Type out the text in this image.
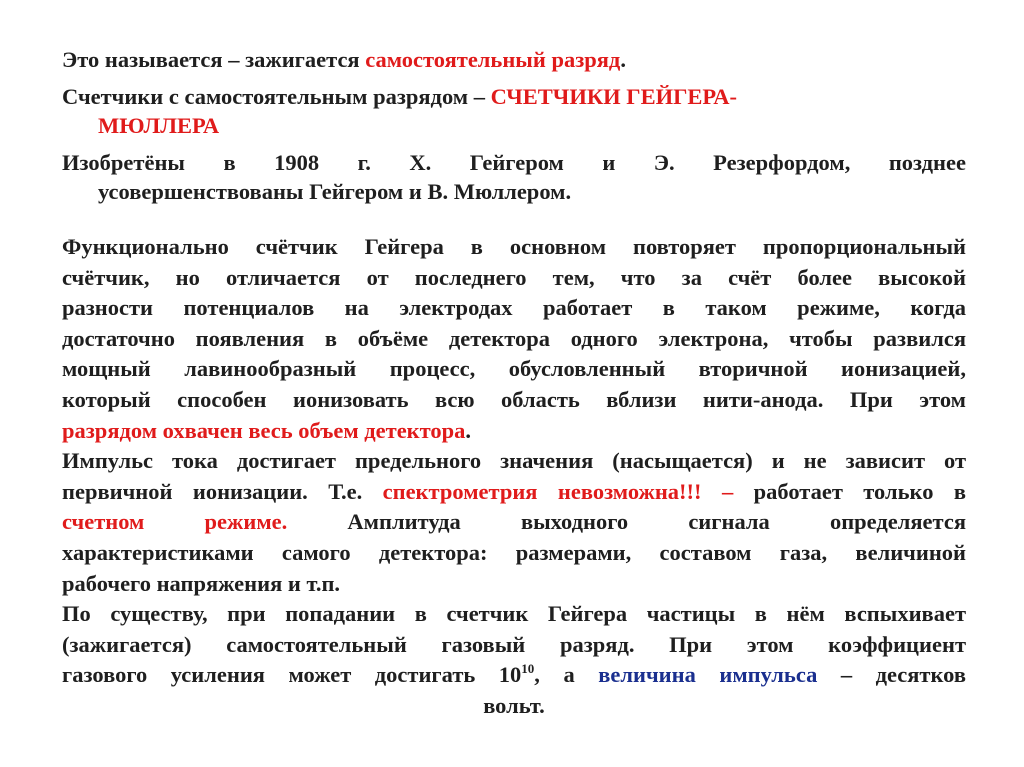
Это называется – зажигается самостоятельный разряд.
Счетчики с самостоятельным разрядом – СЧЕТЧИКИ ГЕЙГЕРА-
МЮЛЛЕРА
Изобретёны в 1908 г. Х. Гейгером и Э. Резерфордом, позднее
усовершенствованы Гейгером и В. Мюллером.
Функционально счётчик Гейгера в основном повторяет пропорциональный
счётчик, но отличается от последнего тем, что за счёт более высокой
разности потенциалов на электродах работает в таком режиме, когда
достаточно появления в объёме детектора одного электрона, чтобы развился
мощный лавинообразный процесс, обусловленный вторичной ионизацией,
который способен ионизовать всю область вблизи нити-анода. При этом
разрядом охвачен весь объем детектора.
Импульс тока достигает предельного значения (насыщается) и не зависит от
первичной ионизации. Т.е. спектрометрия невозможна!!! – работает только в
счетном режиме. Амплитуда выходного сигнала определяется
характеристиками самого детектора: размерами, составом газа, величиной
рабочего напряжения и т.п.
По существу, при попадании в счетчик Гейгера частицы в нём вспыхивает
(зажигается) самостоятельный газовый разряд. При этом коэффициент
газового усиления может достигать $10^{10}$, а величина импульса – десятков
вольт.
